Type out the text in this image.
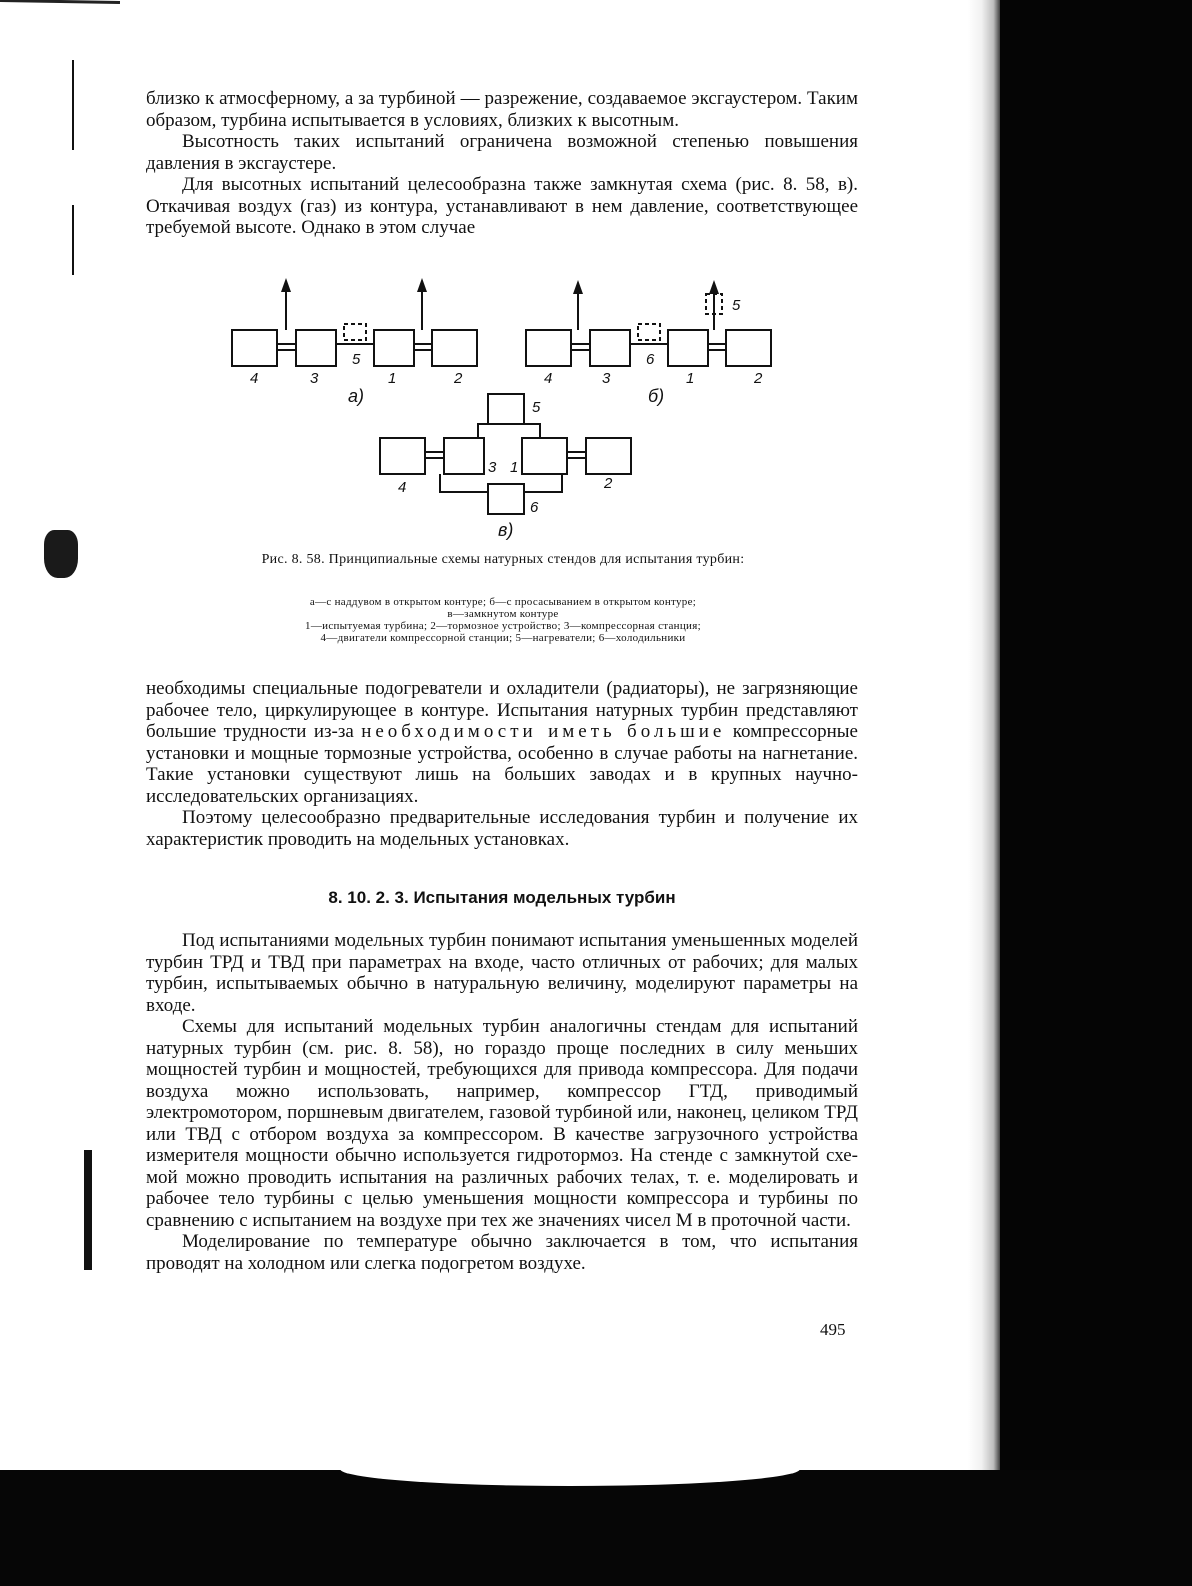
близко к атмосферному, а за турбиной — разрежение, создаваемое эксгаустером. Таким образом, турбина испытывается в условиях, близких к высотным.

Высотность таких испытаний ограничена возможной степенью повышения давления в эксгаустере.

Для высотных испытаний целесообразна также замкнутая схема (рис. 8. 58, в). Откачивая воздух (газ) из контура, устанавливают в нем давление, соответствующее требуемой высоте. Однако в этом случае

4	3
5
1	2
а)
4	3
6
1	2
5
б)
5
4
3 1
2
6
в)
Рис. 8. 58. Принципиальные схемы натурных стендов для испытания турбин:
а—с наддувом в открытом контуре; б—с просасыванием в открытом контуре;
в—замкнутом контуре
1—испытуемая турбина; 2—тормозное устройство; 3—компрессорная станция;
4—двигатели компрессорной станции; 5—нагреватели; 6—холодильники

необходимы специальные подогреватели и охладители (радиаторы), не загрязняющие рабочее тело, циркулирующее в контуре. Испытания натурных турбин представляют большие трудности из-за необходимости иметь большие компрессорные установки и мощные тормозные устройства, особенно в случае работы на нагнетание. Такие установки существуют лишь на больших заводах и в крупных научно-исследовательских организациях.

Поэтому целесообразно предварительные исследования турбин и получение их характеристик проводить на модельных установках.

8. 10. 2. 3. Испытания модельных турбин

Под испытаниями модельных турбин понимают испытания уменьшенных моделей турбин ТРД и ТВД при параметрах на входе, часто отличных от рабочих; для малых турбин, испытываемых обычно в натуральную величину, моделируют параметры на входе.

Схемы для испытаний модельных турбин аналогичны стендам для испытаний натурных турбин (см. рис. 8. 58), но гораздо проще последних в силу меньших мощностей турбин и мощностей, требующихся для привода компрессора. Для подачи воздуха можно использовать, например, компрессор ГТД, приводимый электромотором, поршневым двигателем, газовой турбиной или, наконец, целиком ТРД или ТВД с отбором воздуха за компрессором. В качестве загрузочного устройства измерителя мощности обычно используется гидротормоз. На стенде с замкнутой схемой можно проводить испытания на различных рабочих телах, т. е. моделировать и рабочее тело турбины с целью уменьшения мощности компрессора и турбины по сравнению с испытанием на воздухе при тех же значениях чисел М в проточной части.

Моделирование по температуре обычно заключается в том, что испытания проводят на холодном или слегка подогретом воздухе.

495
